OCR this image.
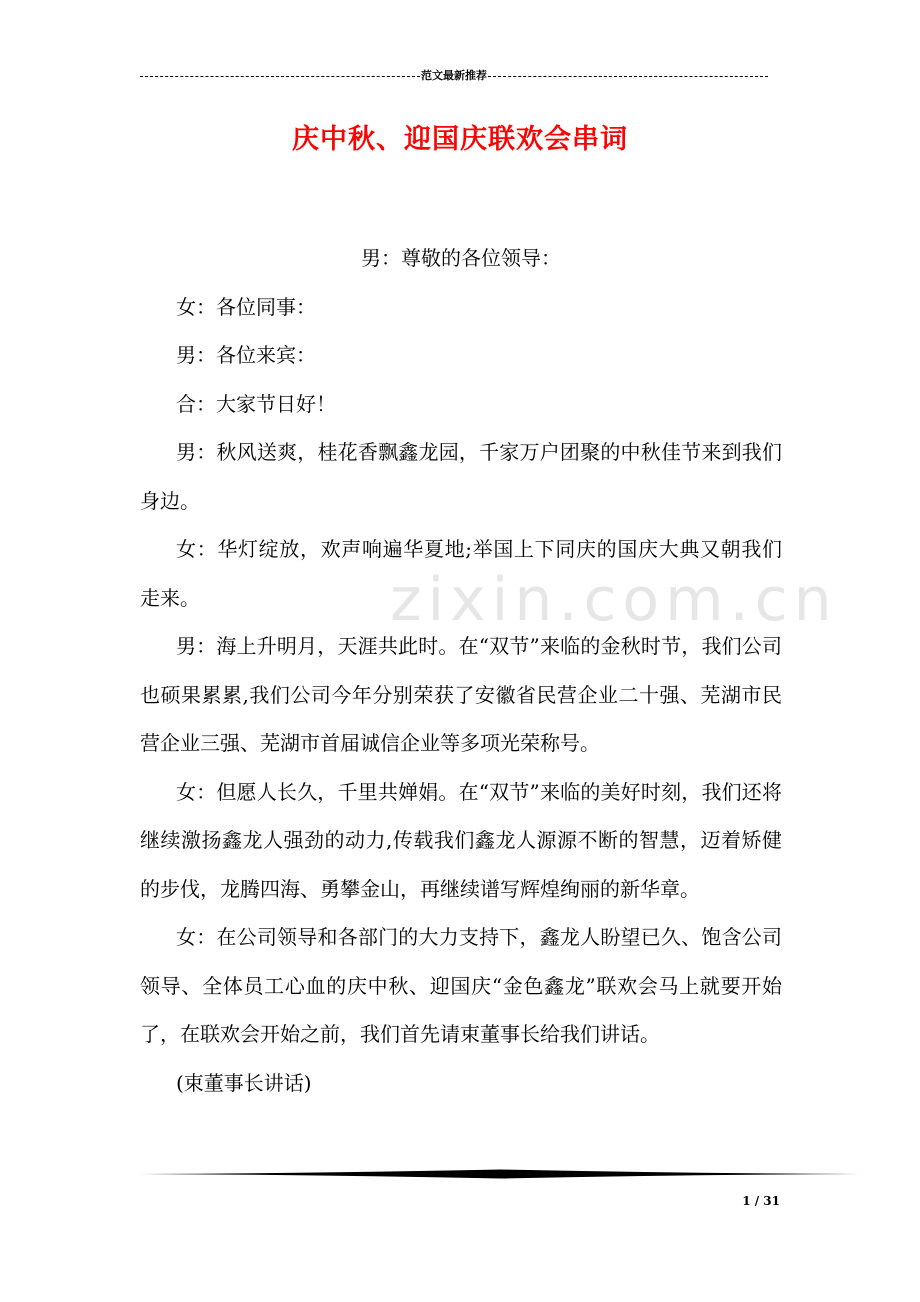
范文最新推荐
庆中秋、迎国庆联欢会串词
zixin.com.cn

男：尊敬的各位领导：

女：各位同事：

男：各位来宾：

合：大家节日好！

男：秋风送爽，桂花香飘鑫龙园，千家万户团聚的中秋佳节来到我们身边。

女：华灯绽放，欢声响遍华夏地;举国上下同庆的国庆大典又朝我们走来。

男：海上升明月，天涯共此时。在“双节”来临的金秋时节，我们公司也硕果累累,我们公司今年分别荣获了安徽省民营企业二十强、芜湖市民营企业三强、芜湖市首届诚信企业等多项光荣称号。

女：但愿人长久，千里共婵娟。在“双节”来临的美好时刻，我们还将继续激扬鑫龙人强劲的动力,传载我们鑫龙人源源不断的智慧，迈着矫健的步伐，龙腾四海、勇攀金山，再继续谱写辉煌绚丽的新华章。

女：在公司领导和各部门的大力支持下，鑫龙人盼望已久、饱含公司领导、全体员工心血的庆中秋、迎国庆“金色鑫龙”联欢会马上就要开始了，在联欢会开始之前，我们首先请束董事长给我们讲话。

(束董事长讲话)

1 / 31
